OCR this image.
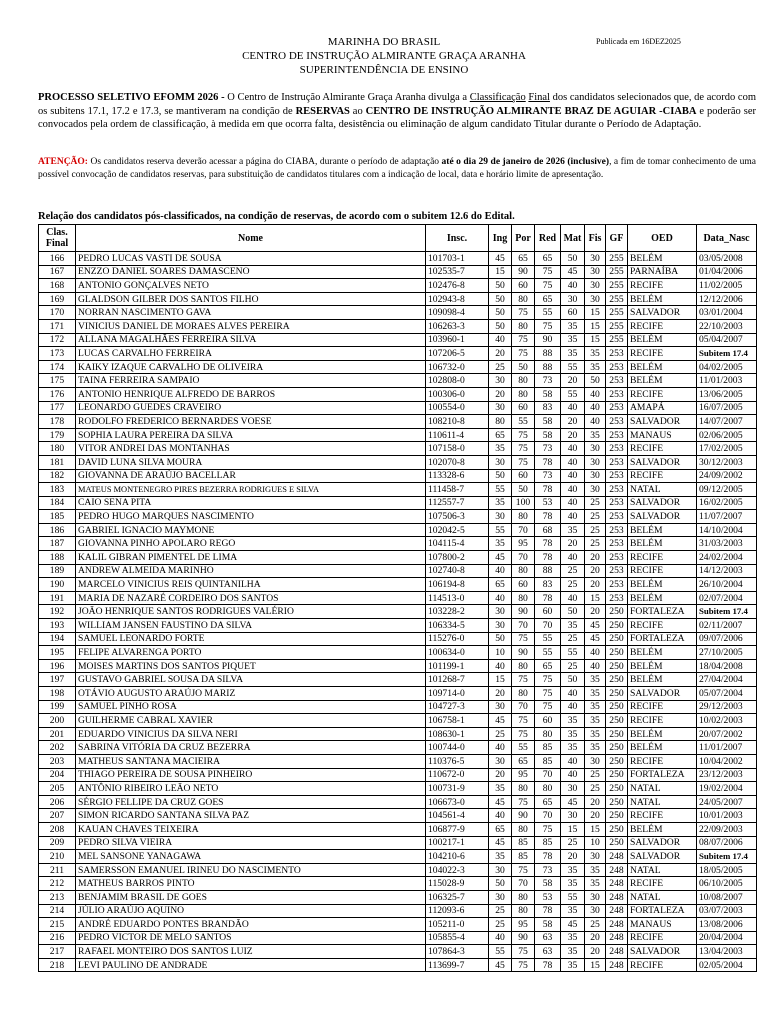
MARINHA DO BRASIL
CENTRO DE INSTRUÇÃO ALMIRANTE GRAÇA ARANHA
SUPERINTENDÊNCIA DE ENSINO
Publicada em 16DEZ2025
PROCESSO SELETIVO EFOMM 2026 - O Centro de Instrução Almirante Graça Aranha divulga a Classificação Final dos candidatos selecionados que, de acordo com os subitens 17.1, 17.2 e 17.3, se mantiveram na condição de RESERVAS ao CENTRO DE INSTRUÇÃO ALMIRANTE BRAZ DE AGUIAR -CIABA e poderão ser convocados pela ordem de classificação, à medida em que ocorra falta, desistência ou eliminação de algum candidato Titular durante o Período de Adaptação.
ATENÇÃO: Os candidatos reserva deverão acessar a página do CIABA, durante o período de adaptação até o dia 29 de janeiro de 2026 (inclusive), a fim de tomar conhecimento de uma possível convocação de candidatos reservas, para substituição de candidatos titulares com a indicação de local, data e horário limite de apresentação.
Relação dos candidatos pós-classificados, na condição de reservas, de acordo com o subitem 12.6 do Edital.
Clas. Final	Nome	Insc.	Ing	Por	Red	Mat	Fis	GF	OED	Data_Nasc
166	PEDRO LUCAS VASTI DE SOUSA	101703-1	45	65	65	50	30	255	BELÉM	03/05/2008
167	ENZZO DANIEL SOARES DAMASCENO	102535-7	15	90	75	45	30	255	PARNAÍBA	01/04/2006
168	ANTONIO GONÇALVES NETO	102476-8	50	60	75	40	30	255	RECIFE	11/02/2005
169	GLALDSON GILBER DOS SANTOS FILHO	102943-8	50	80	65	30	30	255	BELÉM	12/12/2006
170	NORRAN NASCIMENTO GAVA	109098-4	50	75	55	60	15	255	SALVADOR	03/01/2004
171	VINICIUS DANIEL DE MORAES ALVES PEREIRA	106263-3	50	80	75	35	15	255	RECIFE	22/10/2003
172	ALLANA MAGALHÃES FERREIRA SILVA	103960-1	40	75	90	35	15	255	BELÉM	05/04/2007
173	LUCAS CARVALHO FERREIRA	107206-5	20	75	88	35	35	253	RECIFE	Subitem 17.4
174	KAIKY IZAQUE CARVALHO DE OLIVEIRA	106732-0	25	50	88	55	35	253	BELÉM	04/02/2005
175	TAINA FERREIRA SAMPAIO	102808-0	30	80	73	20	50	253	BELÉM	11/01/2003
176	ANTONIO HENRIQUE ALFREDO DE BARROS	100306-0	20	80	58	55	40	253	RECIFE	13/06/2005
177	LEONARDO GUEDES CRAVEIRO	100554-0	30	60	83	40	40	253	AMAPÁ	16/07/2005
178	RODOLFO FREDERICO BERNARDES VOESE	108210-8	80	55	58	20	40	253	SALVADOR	14/07/2007
179	SOPHIA LAURA PEREIRA DA SILVA	110611-4	65	75	58	20	35	253	MANAUS	02/06/2005
180	VITOR ANDREI DAS MONTANHAS	107158-0	35	75	73	40	30	253	RECIFE	17/02/2005
181	DAVID LUNA SILVA MOURA	102070-8	30	75	78	40	30	253	SALVADOR	30/12/2003
182	GIOVANNA DE ARAÚJO BACELLAR	113328-6	50	60	73	40	30	253	RECIFE	24/09/2002
183	MATEUS MONTENEGRO PIRES BEZERRA RODRIGUES E SILVA	111458-7	55	50	78	40	30	253	NATAL	09/12/2005
184	CAIO SENA PITA	112557-7	35	100	53	40	25	253	SALVADOR	16/02/2005
185	PEDRO HUGO MARQUES NASCIMENTO	107506-3	30	80	78	40	25	253	SALVADOR	11/07/2007
186	GABRIEL IGNACIO MAYMONE	102042-5	55	70	68	35	25	253	BELÉM	14/10/2004
187	GIOVANNA PINHO APOLARO REGO	104115-4	35	95	78	20	25	253	BELÉM	31/03/2003
188	KALIL GIBRAN PIMENTEL DE LIMA	107800-2	45	70	78	40	20	253	RECIFE	24/02/2004
189	ANDREW ALMEIDA MARINHO	102740-8	40	80	88	25	20	253	RECIFE	14/12/2003
190	MARCELO VINICIUS REIS QUINTANILHA	106194-8	65	60	83	25	20	253	BELÉM	26/10/2004
191	MARIA DE NAZARÉ CORDEIRO DOS SANTOS	114513-0	40	80	78	40	15	253	BELÉM	02/07/2004
192	JOÃO HENRIQUE SANTOS RODRIGUES VALÉRIO	103228-2	30	90	60	50	20	250	FORTALEZA	Subitem 17.4
193	WILLIAM JANSEN FAUSTINO DA SILVA	106334-5	30	70	70	35	45	250	RECIFE	02/11/2007
194	SAMUEL LEONARDO FORTE	115276-0	50	75	55	25	45	250	FORTALEZA	09/07/2006
195	FELIPE ALVARENGA PORTO	100634-0	10	90	55	55	40	250	BELÉM	27/10/2005
196	MOISES MARTINS DOS SANTOS PIQUET	101199-1	40	80	65	25	40	250	BELÉM	18/04/2008
197	GUSTAVO GABRIEL SOUSA DA SILVA	101268-7	15	75	75	50	35	250	BELÉM	27/04/2004
198	OTÁVIO AUGUSTO ARAÚJO MARIZ	109714-0	20	80	75	40	35	250	SALVADOR	05/07/2004
199	SAMUEL PINHO ROSA	104727-3	30	70	75	40	35	250	RECIFE	29/12/2003
200	GUILHERME CABRAL XAVIER	106758-1	45	75	60	35	35	250	RECIFE	10/02/2003
201	EDUARDO VINICIUS DA SILVA NERI	108630-1	25	75	80	35	35	250	BELÉM	20/07/2002
202	SABRINA VITÓRIA DA CRUZ BEZERRA	100744-0	40	55	85	35	35	250	BELÉM	11/01/2007
203	MATHEUS SANTANA MACIEIRA	110376-5	30	65	85	40	30	250	RECIFE	10/04/2002
204	THIAGO PEREIRA DE SOUSA PINHEIRO	110672-0	20	95	70	40	25	250	FORTALEZA	23/12/2003
205	ANTÔNIO RIBEIRO LEÃO NETO	100731-9	35	80	80	30	25	250	NATAL	19/02/2004
206	SÉRGIO FELLIPE DA CRUZ GOES	106673-0	45	75	65	45	20	250	NATAL	24/05/2007
207	SIMON RICARDO SANTANA SILVA PAZ	104561-4	40	90	70	30	20	250	RECIFE	10/01/2003
208	KAUAN CHAVES TEIXEIRA	106877-9	65	80	75	15	15	250	BELÉM	22/09/2003
209	PEDRO SILVA VIEIRA	100217-1	45	85	85	25	10	250	SALVADOR	08/07/2006
210	MEL SANSONE YANAGAWA	104210-6	35	85	78	20	30	248	SALVADOR	Subitem 17.4
211	SAMERSSON EMANUEL IRINEU DO NASCIMENTO	104022-3	30	75	73	35	35	248	NATAL	18/05/2005
212	MATHEUS BARROS PINTO	115028-9	50	70	58	35	35	248	RECIFE	06/10/2005
213	BENJAMIM BRASIL DE GOES	106325-7	30	80	53	55	30	248	NATAL	10/08/2007
214	JÚLIO ARAÚJO AQUINO	112093-6	25	80	78	35	30	248	FORTALEZA	03/07/2003
215	ANDRÉ EDUARDO PONTES BRANDÃO	105211-0	25	95	58	45	25	248	MANAUS	13/08/2006
216	PEDRO VICTOR DE MELO SANTOS	105855-4	40	90	63	35	20	248	RECIFE	20/04/2004
217	RAFAEL MONTEIRO DOS SANTOS LUIZ	107864-3	55	75	63	35	20	248	SALVADOR	13/04/2003
218	LEVI PAULINO DE ANDRADE	113699-7	45	75	78	35	15	248	RECIFE	02/05/2004
